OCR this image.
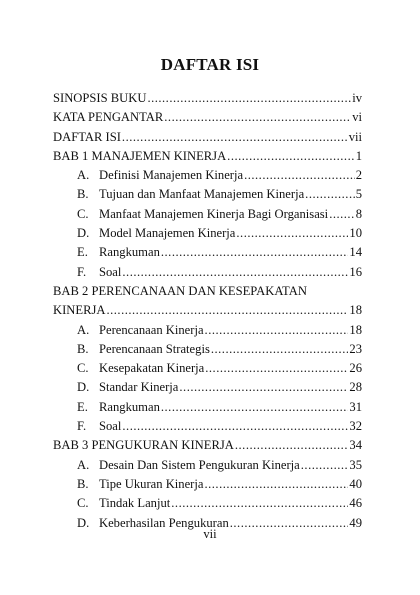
DAFTAR ISI
SINOPSIS BUKU .....	iv
KATA PENGANTAR .....	vi
DAFTAR ISI .....	vii
BAB 1 MANAJEMEN KINERJA .....	1
A. Definisi Manajemen Kinerja .....	2
B. Tujuan dan Manfaat Manajemen Kinerja .....	5
C. Manfaat Manajemen Kinerja Bagi Organisasi ..... 8
D. Model Manajemen Kinerja .....	10
E. Rangkuman .....	14
F.	Soal .....	16
BAB 2 PERENCANAAN DAN KESEPAKATAN
KINERJA .....	18
A. Perencanaan Kinerja .....	18
B. Perencanaan Strategis .....	23
C. Kesepakatan Kinerja .....	26
D. Standar Kinerja .....	28
E. Rangkuman .....	31
F.	Soal .....	32
BAB 3 PENGUKURAN KINERJA .....	34
A. Desain Dan Sistem Pengukuran Kinerja .....	35
B. Tipe Ukuran Kinerja .....	40
C. Tindak Lanjut .....	46
D. Keberhasilan Pengukuran .....	49
vii
